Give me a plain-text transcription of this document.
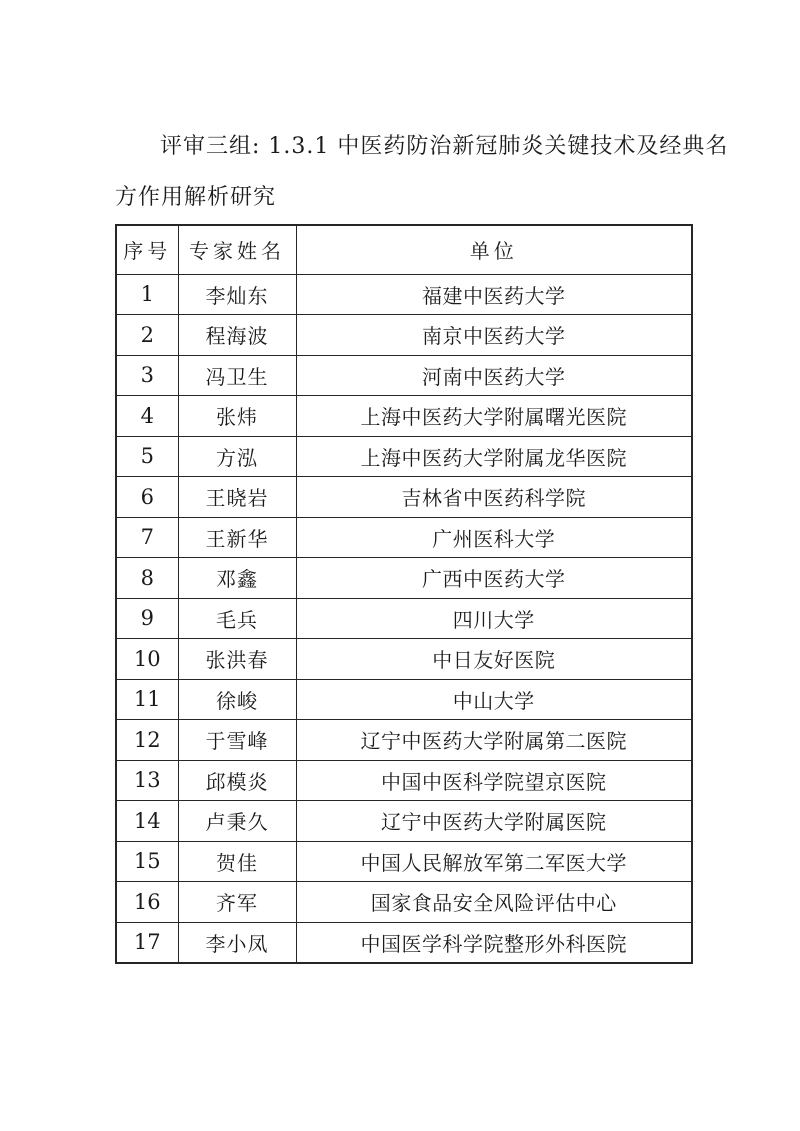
评审三组: 1.3.1 中医药防治新冠肺炎关键技术及经典名
方作用解析研究
序号	专家姓名	单位
1	李灿东	福建中医药大学
2	程海波	南京中医药大学
3	冯卫生	河南中医药大学
4	张炜	上海中医药大学附属曙光医院
5	方泓	上海中医药大学附属龙华医院
6	王晓岩	吉林省中医药科学院
7	王新华	广州医科大学
8	邓鑫	广西中医药大学
9	毛兵	四川大学
10	张洪春	中日友好医院
11	徐峻	中山大学
12	于雪峰	辽宁中医药大学附属第二医院
13	邱模炎	中国中医科学院望京医院
14	卢秉久	辽宁中医药大学附属医院
15	贺佳	中国人民解放军第二军医大学
16	齐军	国家食品安全风险评估中心
17	李小凤	中国医学科学院整形外科医院
